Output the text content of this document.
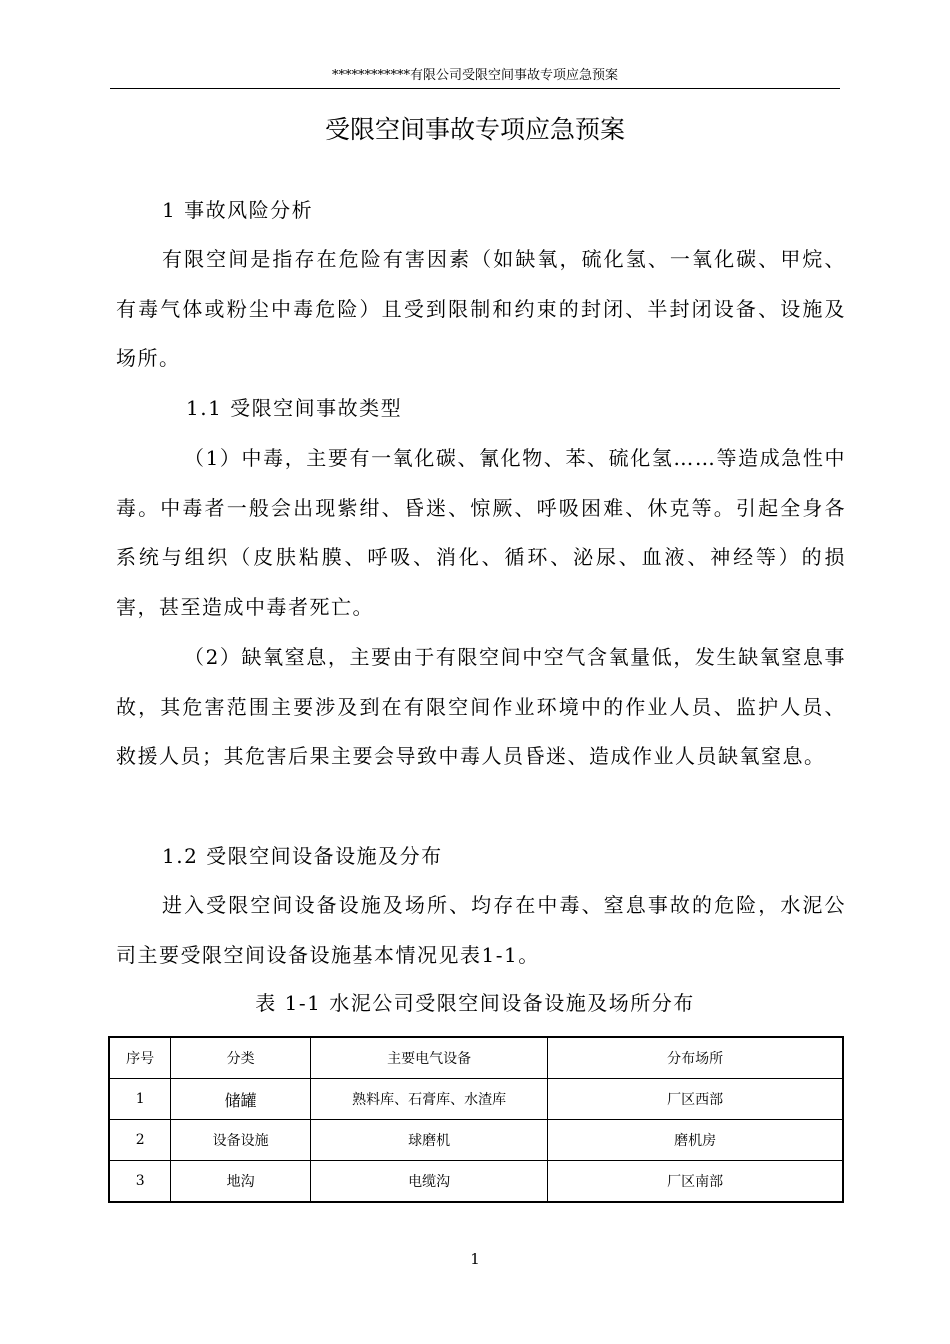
************有限公司受限空间事故专项应急预案
受限空间事故专项应急预案

1 事故风险分析

有限空间是指存在危险有害因素（如缺氧，硫化氢、一氧化碳、甲烷、有毒气体或粉尘中毒危险）且受到限制和约束的封闭、半封闭设备、设施及场所。

1.1 受限空间事故类型

（1）中毒，主要有一氧化碳、氰化物、苯、硫化氢……等造成急性中毒。中毒者一般会出现紫绀、昏迷、惊厥、呼吸困难、休克等。引起全身各系统与组织（皮肤粘膜、呼吸、消化、循环、泌尿、血液、神经等）的损害，甚至造成中毒者死亡。

（2）缺氧窒息，主要由于有限空间中空气含氧量低，发生缺氧窒息事故，其危害范围主要涉及到在有限空间作业环境中的作业人员、监护人员、救援人员；其危害后果主要会导致中毒人员昏迷、造成作业人员缺氧窒息。

1.2 受限空间设备设施及分布

进入受限空间设备设施及场所、均存在中毒、窒息事故的危险，水泥公司主要受限空间设备设施基本情况见表1-1。

表 1-1 水泥公司受限空间设备设施及场所分布
序号	分类	主要电气设备	分布场所
1	储罐	熟料库、石膏库、水渣库	厂区西部
2	设备设施	球磨机	磨机房
3	地沟	电缆沟	厂区南部
1
